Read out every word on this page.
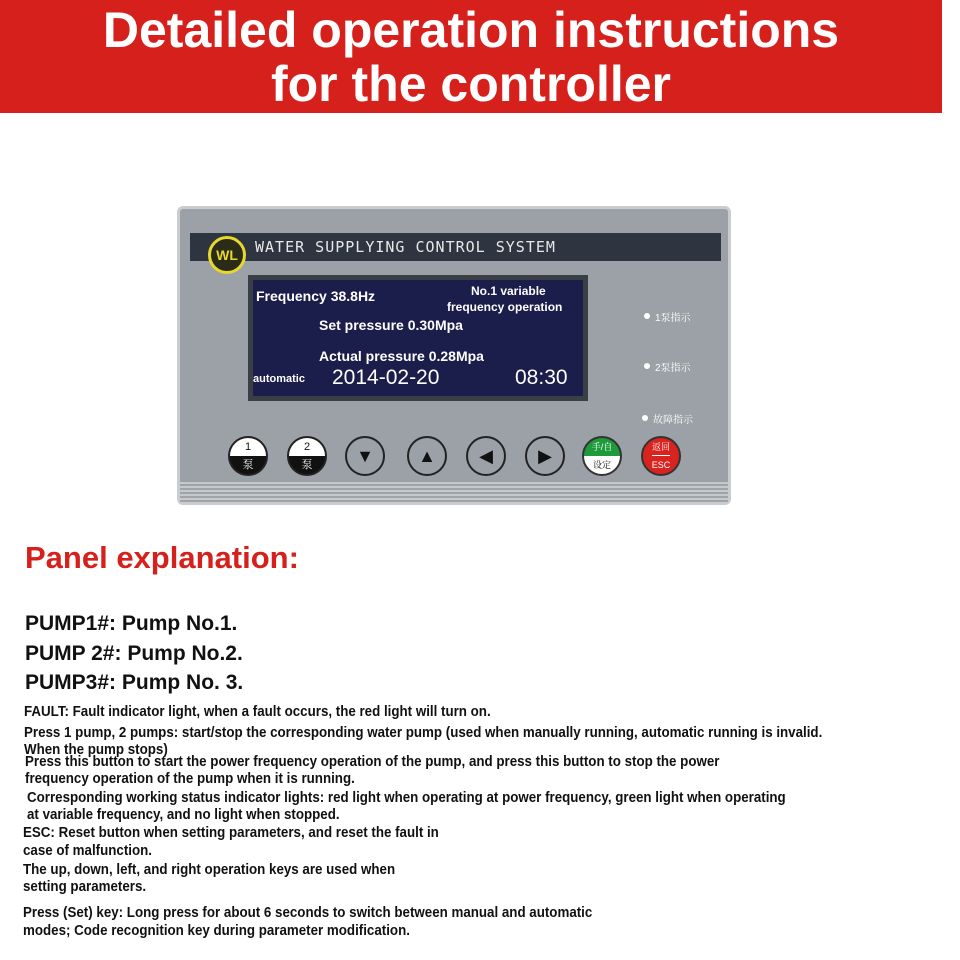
Detailed operation instructions
for the controller
WATER SUPPLYING CONTROL SYSTEM
WL
Frequency 38.8Hz	No.1 variable
frequency operation
Set pressure 0.30Mpa
Actual pressure 0.28Mpa
automatic 2014-02-20	08:30
1泵指示
2泵指示
故障指示
1
泵
2
泵 ▼ ▲ ◀	▶	手/自
设定
返回
ESC
Panel explanation:
PUMP1#: Pump No.1.
PUMP 2#: Pump No.2.
PUMP3#: Pump No. 3.
FAULT: Fault indicator light, when a fault occurs, the red light will turn on.
Press 1 pump, 2 pumps: start/stop the corresponding water pump (used when manually running, automatic running is invalid.
When the pump stops)
Press this button to start the power frequency operation of the pump, and press this button to stop the power
frequency operation of the pump when it is running.
Corresponding working status indicator lights: red light when operating at power frequency, green light when operating
at variable frequency, and no light when stopped.
ESC: Reset button when setting parameters, and reset the fault in
case of malfunction.
The up, down, left, and right operation keys are used when
setting parameters.
Press (Set) key: Long press for about 6 seconds to switch between manual and automatic
modes; Code recognition key during parameter modification.
